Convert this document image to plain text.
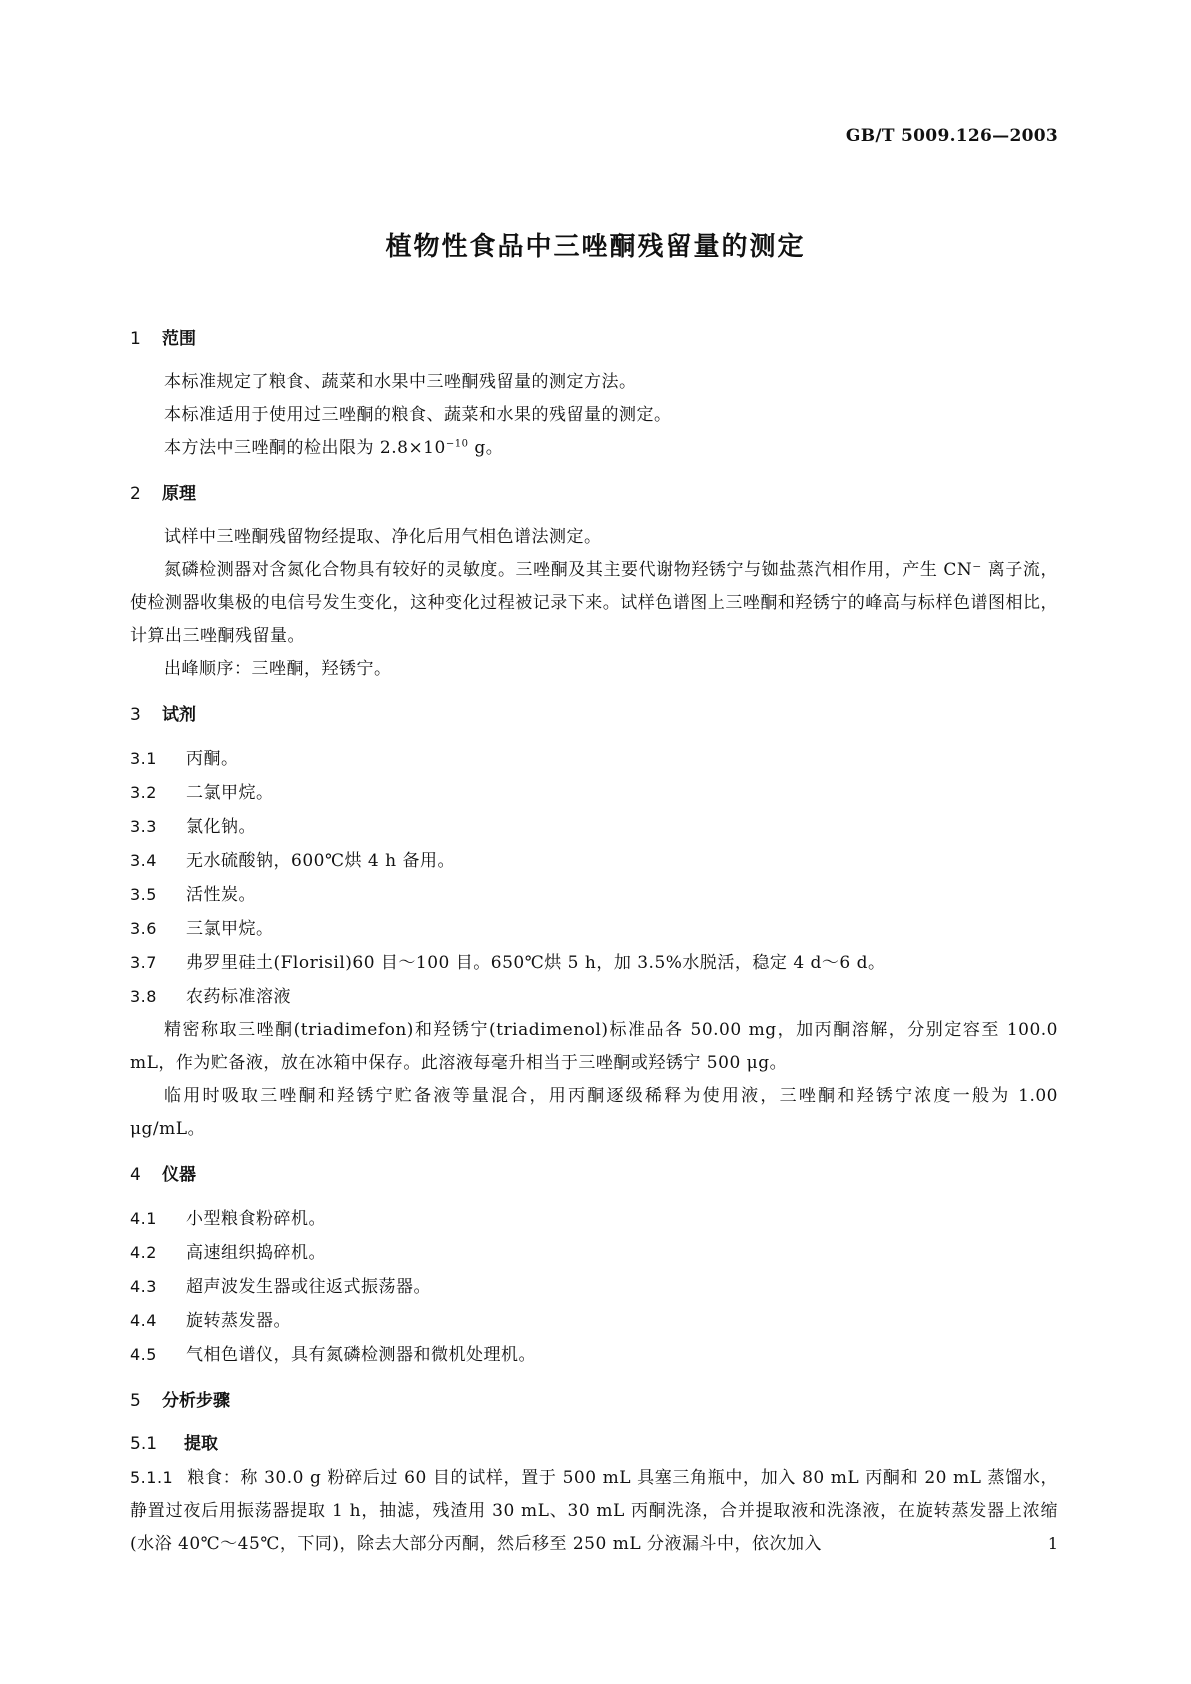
GB/T 5009.126—2003

植物性食品中三唑酮残留量的测定
1 范围

本标准规定了粮食、蔬菜和水果中三唑酮残留量的测定方法。

本标准适用于使用过三唑酮的粮食、蔬菜和水果的残留量的测定。

本方法中三唑酮的检出限为 $2.8\times 10^{-10}$ g。

2 原理

试样中三唑酮残留物经提取、净化后用气相色谱法测定。

氮磷检测器对含氮化合物具有较好的灵敏度。三唑酮及其主要代谢物羟锈宁与铷盐蒸汽相作用，产生 CN⁻ 离子流，使检测器收集极的电信号发生变化，这种变化过程被记录下来。试样色谱图上三唑酮和羟锈宁的峰高与标样色谱图相比，计算出三唑酮残留量。

出峰顺序：三唑酮，羟锈宁。

3 试剂

3.1 丙酮。

3.2 二氯甲烷。

3.3 氯化钠。

3.4 无水硫酸钠，600℃烘 4 h 备用。

3.5 活性炭。

3.6 三氯甲烷。

3.7 弗罗里硅土(Florisil)60 目～100 目。650℃烘 5 h，加 3.5%水脱活，稳定 4 d～6 d。

3.8 农药标准溶液

精密称取三唑酮(triadimefon)和羟锈宁(triadimenol)标准品各 50.00 mg，加丙酮溶解，分别定容至 100.0 mL，作为贮备液，放在冰箱中保存。此溶液每毫升相当于三唑酮或羟锈宁 500 μg。

临用时吸取三唑酮和羟锈宁贮备液等量混合，用丙酮逐级稀释为使用液，三唑酮和羟锈宁浓度一般为 1.00 μg/mL。

4 仪器

4.1 小型粮食粉碎机。

4.2 高速组织捣碎机。

4.3 超声波发生器或往返式振荡器。

4.4 旋转蒸发器。

4.5 气相色谱仪，具有氮磷检测器和微机处理机。

5 分析步骤
5.1 提取

5.1.1 粮食：称 30.0 g 粉碎后过 60 目的试样，置于 500 mL 具塞三角瓶中，加入 80 mL 丙酮和 20 mL 蒸馏水，静置过夜后用振荡器提取 1 h，抽滤，残渣用 30 mL、30 mL 丙酮洗涤，合并提取液和洗涤液，在旋转蒸发器上浓缩(水浴 40℃～45℃，下同)，除去大部分丙酮，然后移至 250 mL 分液漏斗中，依次加入	1
